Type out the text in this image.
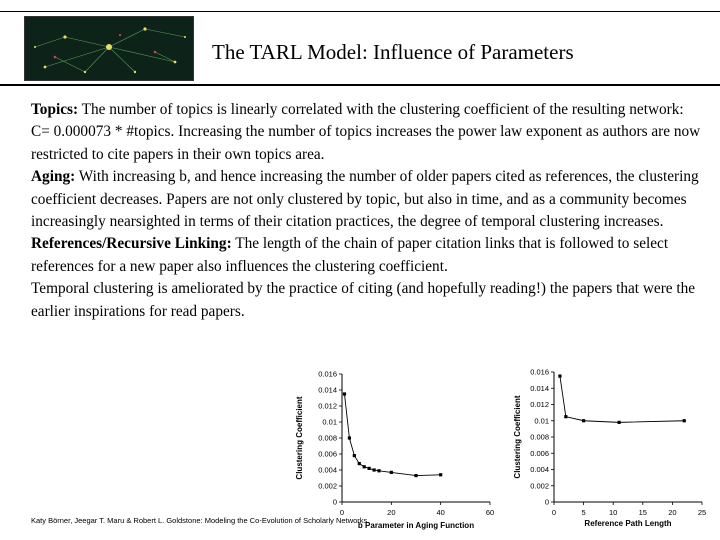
The TARL Model: Influence of Parameters

Topics: The number of topics is linearly correlated with the clustering coefficient of the resulting network: C= 0.000073 * #topics. Increasing the number of topics increases the power law exponent as authors are now restricted to cite papers in their own topics area.

Aging: With increasing b, and hence increasing the number of older papers cited as references, the clustering coefficient decreases. Papers are not only clustered by topic, but also in time, and as a community becomes increasingly nearsighted in terms of their citation practices, the degree of temporal clustering increases.

References/Recursive Linking: The length of the chain of paper citation links that is followed to select references for a new paper also influences the clustering coefficient.

Temporal clustering is ameliorated by the practice of citing (and hopefully reading!) the papers that were the earlier inspirations for read papers.

0
0.002
0.004
0.006
0.008
0.01
0.012
0.014
0.016
0	20	40	60
b Parameter in Aging Function
Clustering Coefficient
0
0.002
0.004
0.006
0.008
0.01
0.012
0.014
0.016
0	5	10	15	20	25
Reference Path Length
Clustering Coefficient
Katy Börner, Jeegar T. Maru & Robert L. Goldstone: Modeling the Co-Evolution of Scholarly Networks
